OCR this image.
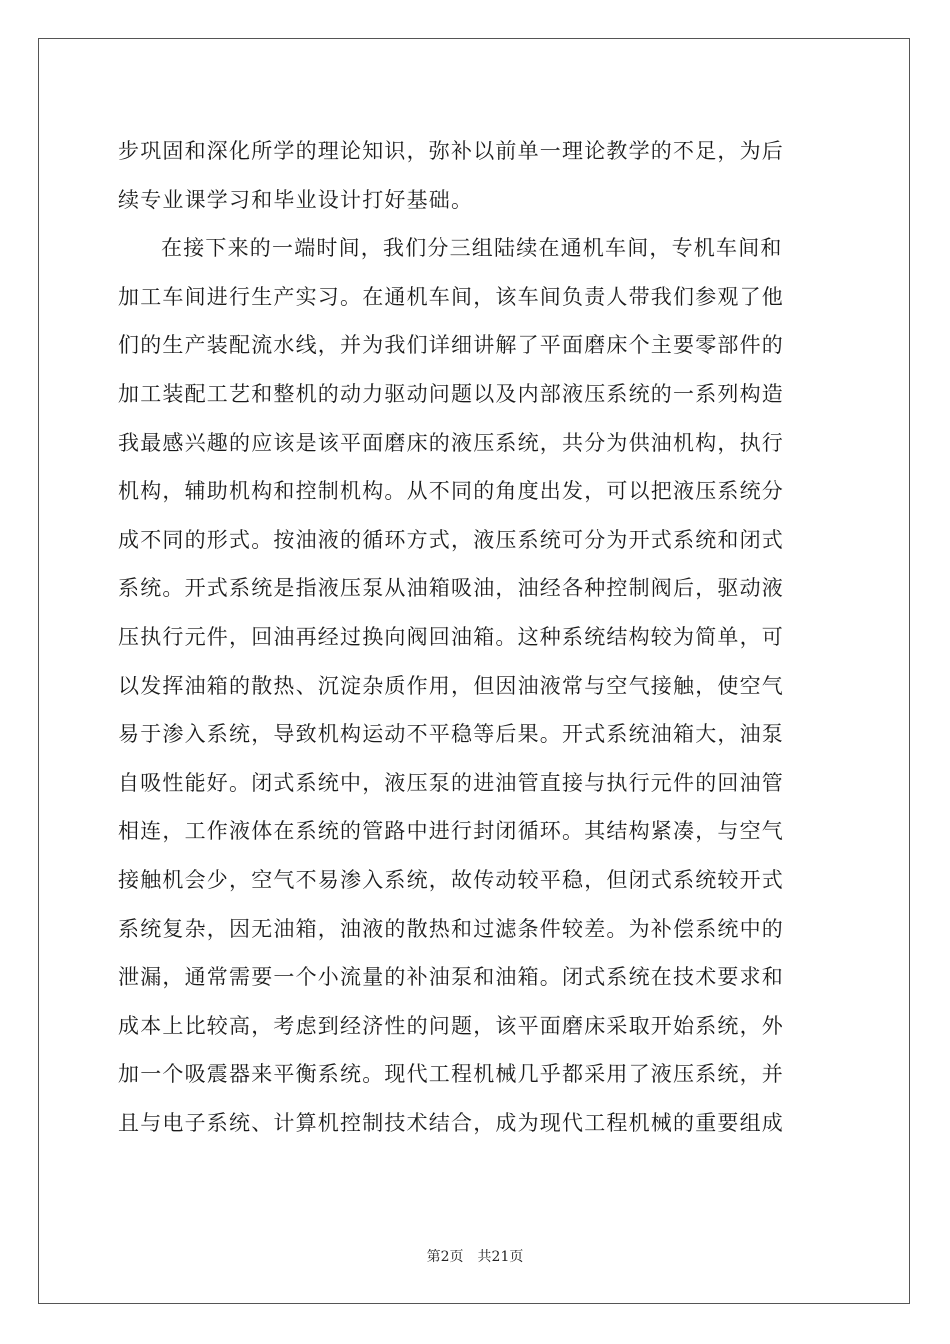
步巩固和深化所学的理论知识，弥补以前单一理论教学的不足，为后
续专业课学习和毕业设计打好基础。
在接下来的一端时间，我们分三组陆续在通机车间，专机车间和
加工车间进行生产实习。在通机车间，该车间负责人带我们参观了他
们的生产装配流水线，并为我们详细讲解了平面磨床个主要零部件的
加工装配工艺和整机的动力驱动问题以及内部液压系统的一系列构造
我最感兴趣的应该是该平面磨床的液压系统，共分为供油机构，执行
机构，辅助机构和控制机构。从不同的角度出发，可以把液压系统分
成不同的形式。按油液的循环方式，液压系统可分为开式系统和闭式
系统。开式系统是指液压泵从油箱吸油，油经各种控制阀后，驱动液
压执行元件，回油再经过换向阀回油箱。这种系统结构较为简单，可
以发挥油箱的散热、沉淀杂质作用，但因油液常与空气接触，使空气
易于渗入系统，导致机构运动不平稳等后果。开式系统油箱大，油泵
自吸性能好。闭式系统中，液压泵的进油管直接与执行元件的回油管
相连，工作液体在系统的管路中进行封闭循环。其结构紧凑，与空气
接触机会少，空气不易渗入系统，故传动较平稳，但闭式系统较开式
系统复杂，因无油箱，油液的散热和过滤条件较差。为补偿系统中的
泄漏，通常需要一个小流量的补油泵和油箱。闭式系统在技术要求和
成本上比较高，考虑到经济性的问题，该平面磨床采取开始系统，外
加一个吸震器来平衡系统。现代工程机械几乎都采用了液压系统，并
且与电子系统、计算机控制技术结合，成为现代工程机械的重要组成
第2页 共21页
